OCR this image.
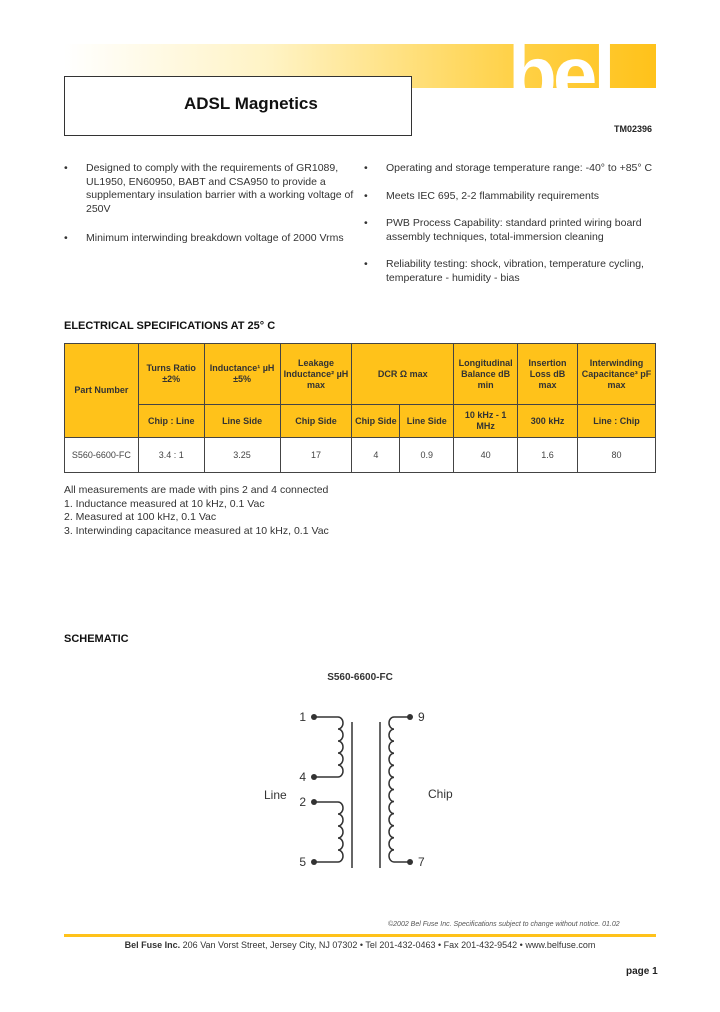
ADSL Magnetics bel
TM02396
• Designed to comply with the requirements of GR1089, UL1950, EN60950, BABT and CSA950 to provide a supplementary insulation barrier with a working voltage of 250V
• Minimum interwinding breakdown voltage of 2000 Vrms
• Operating and storage temperature range: -40° to +85° C
• Meets IEC 695, 2-2 flammability requirements
• PWB Process Capability: standard printed wiring board assembly techniques, total-immersion cleaning
• Reliability testing: shock, vibration, temperature cycling, temperature - humidity - bias
ELECTRICAL SPECIFICATIONS AT 25° C
Part Number	Turns Ratio ±2%	Inductance¹ µH ±5%	Leakage Inductance² µH max	DCR Ω max		Longitudinal Balance dB min	Insertion Loss dB max	Interwinding Capacitance³ pF max
	Chip : Line	Line Side	Chip Side	Chip Side	Line Side	10 kHz - 1 MHz	300 kHz	Line : Chip
S560-6600-FC	3.4 : 1	3.25	17	4	0.9	40	1.6	80
All measurements are made with pins 2 and 4 connected
1. Inductance measured at 10 kHz, 0.1 Vac
2. Measured at 100 kHz, 0.1 Vac
3. Interwinding capacitance measured at 10 kHz, 0.1 Vac
SCHEMATIC
S560-6600-FC
1
4
2
5
9
7
Line	Chip
©2002 Bel Fuse Inc. Specifications subject to change without notice. 01.02
Bel Fuse Inc. 206 Van Vorst Street, Jersey City, NJ 07302 • Tel 201-432-0463 • Fax 201-432-9542 • www.belfuse.com
page 1
